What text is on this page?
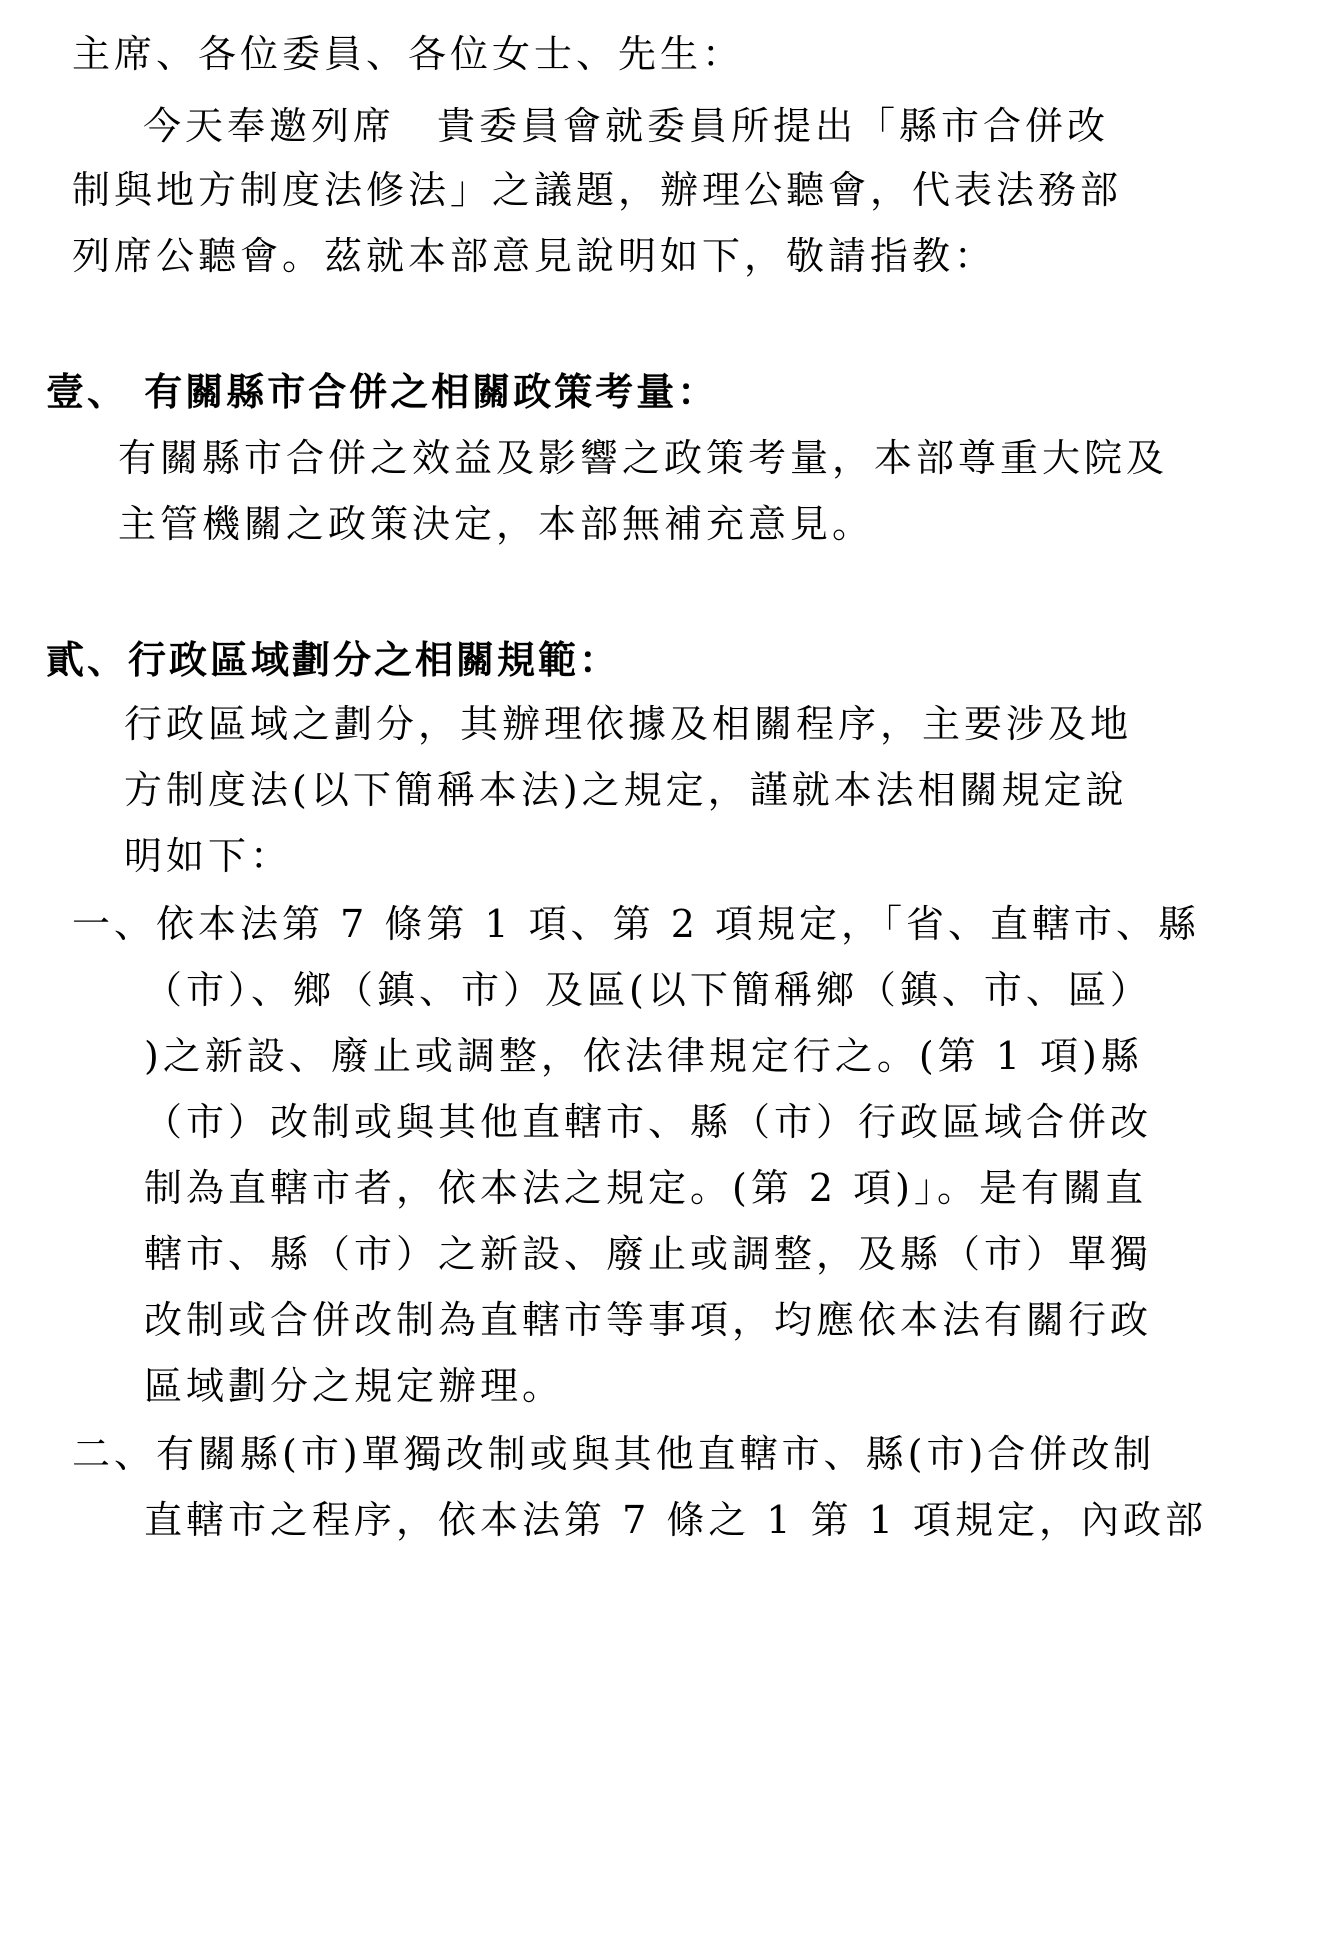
主席、各位委員、各位女士、先生：

今天奉邀列席　貴委員會就委員所提出「縣市合併改

制與地方制度法修法」之議題，辦理公聽會，代表法務部

列席公聽會。茲就本部意見說明如下，敬請指教：

壹、 有關縣市合併之相關政策考量：

有關縣市合併之效益及影響之政策考量，本部尊重大院及

主管機關之政策決定，本部無補充意見。

貳、行政區域劃分之相關規範：

行政區域之劃分，其辦理依據及相關程序，主要涉及地

方制度法(以下簡稱本法)之規定，謹就本法相關規定說

明如下：

一、依本法第 7 條第 1 項、第 2 項規定，「省、直轄市、縣

（市）、鄉（鎮、市）及區(以下簡稱鄉（鎮、市、區）

)之新設、廢止或調整，依法律規定行之。(第 1 項)縣

（市）改制或與其他直轄市、縣（市）行政區域合併改

制為直轄市者，依本法之規定。(第 2 項)」。是有關直

轄市、縣（市）之新設、廢止或調整，及縣（市）單獨

改制或合併改制為直轄市等事項，均應依本法有關行政

區域劃分之規定辦理。

二、有關縣(市)單獨改制或與其他直轄市、縣(市)合併改制

直轄市之程序，依本法第 7 條之 1 第 1 項規定，內政部
